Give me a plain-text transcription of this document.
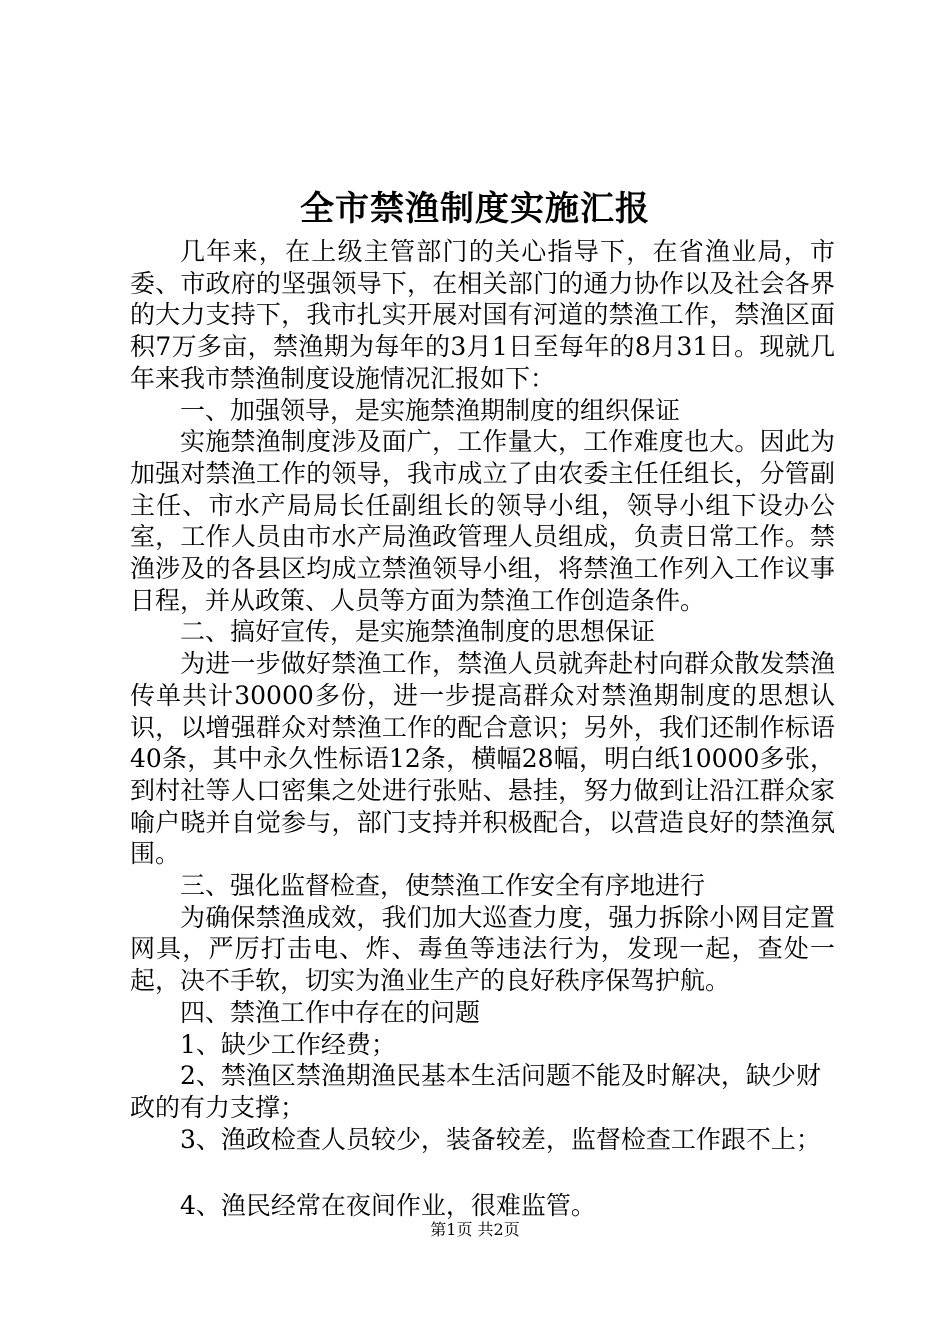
全市禁渔制度实施汇报

几年来，在上级主管部门的关心指导下，在省渔业局，市委、市政府的坚强领导下，在相关部门的通力协作以及社会各界的大力支持下，我市扎实开展对国有河道的禁渔工作，禁渔区面积7万多亩，禁渔期为每年的3月1日至每年的8月31日。现就几年来我市禁渔制度设施情况汇报如下：

一、加强领导，是实施禁渔期制度的组织保证

实施禁渔制度涉及面广，工作量大，工作难度也大。因此为加强对禁渔工作的领导，我市成立了由农委主任任组长，分管副主任、市水产局局长任副组长的领导小组，领导小组下设办公室，工作人员由市水产局渔政管理人员组成，负责日常工作。禁渔涉及的各县区均成立禁渔领导小组，将禁渔工作列入工作议事日程，并从政策、人员等方面为禁渔工作创造条件。

二、搞好宣传，是实施禁渔制度的思想保证

为进一步做好禁渔工作，禁渔人员就奔赴村向群众散发禁渔传单共计30000多份，进一步提高群众对禁渔期制度的思想认识，以增强群众对禁渔工作的配合意识；另外，我们还制作标语40条，其中永久性标语12条，横幅28幅，明白纸10000多张，到村社等人口密集之处进行张贴、悬挂，努力做到让沿江群众家喻户晓并自觉参与，部门支持并积极配合，以营造良好的禁渔氛围。

三、强化监督检查，使禁渔工作安全有序地进行

为确保禁渔成效，我们加大巡查力度，强力拆除小网目定置网具，严厉打击电、炸、毒鱼等违法行为，发现一起，查处一起，决不手软，切实为渔业生产的良好秩序保驾护航。

四、禁渔工作中存在的问题

1、缺少工作经费；

2、禁渔区禁渔期渔民基本生活问题不能及时解决，缺少财政的有力支撑；

3、渔政检查人员较少，装备较差，监督检查工作跟不上；

4、渔民经常在夜间作业，很难监管。

第1页 共2页
